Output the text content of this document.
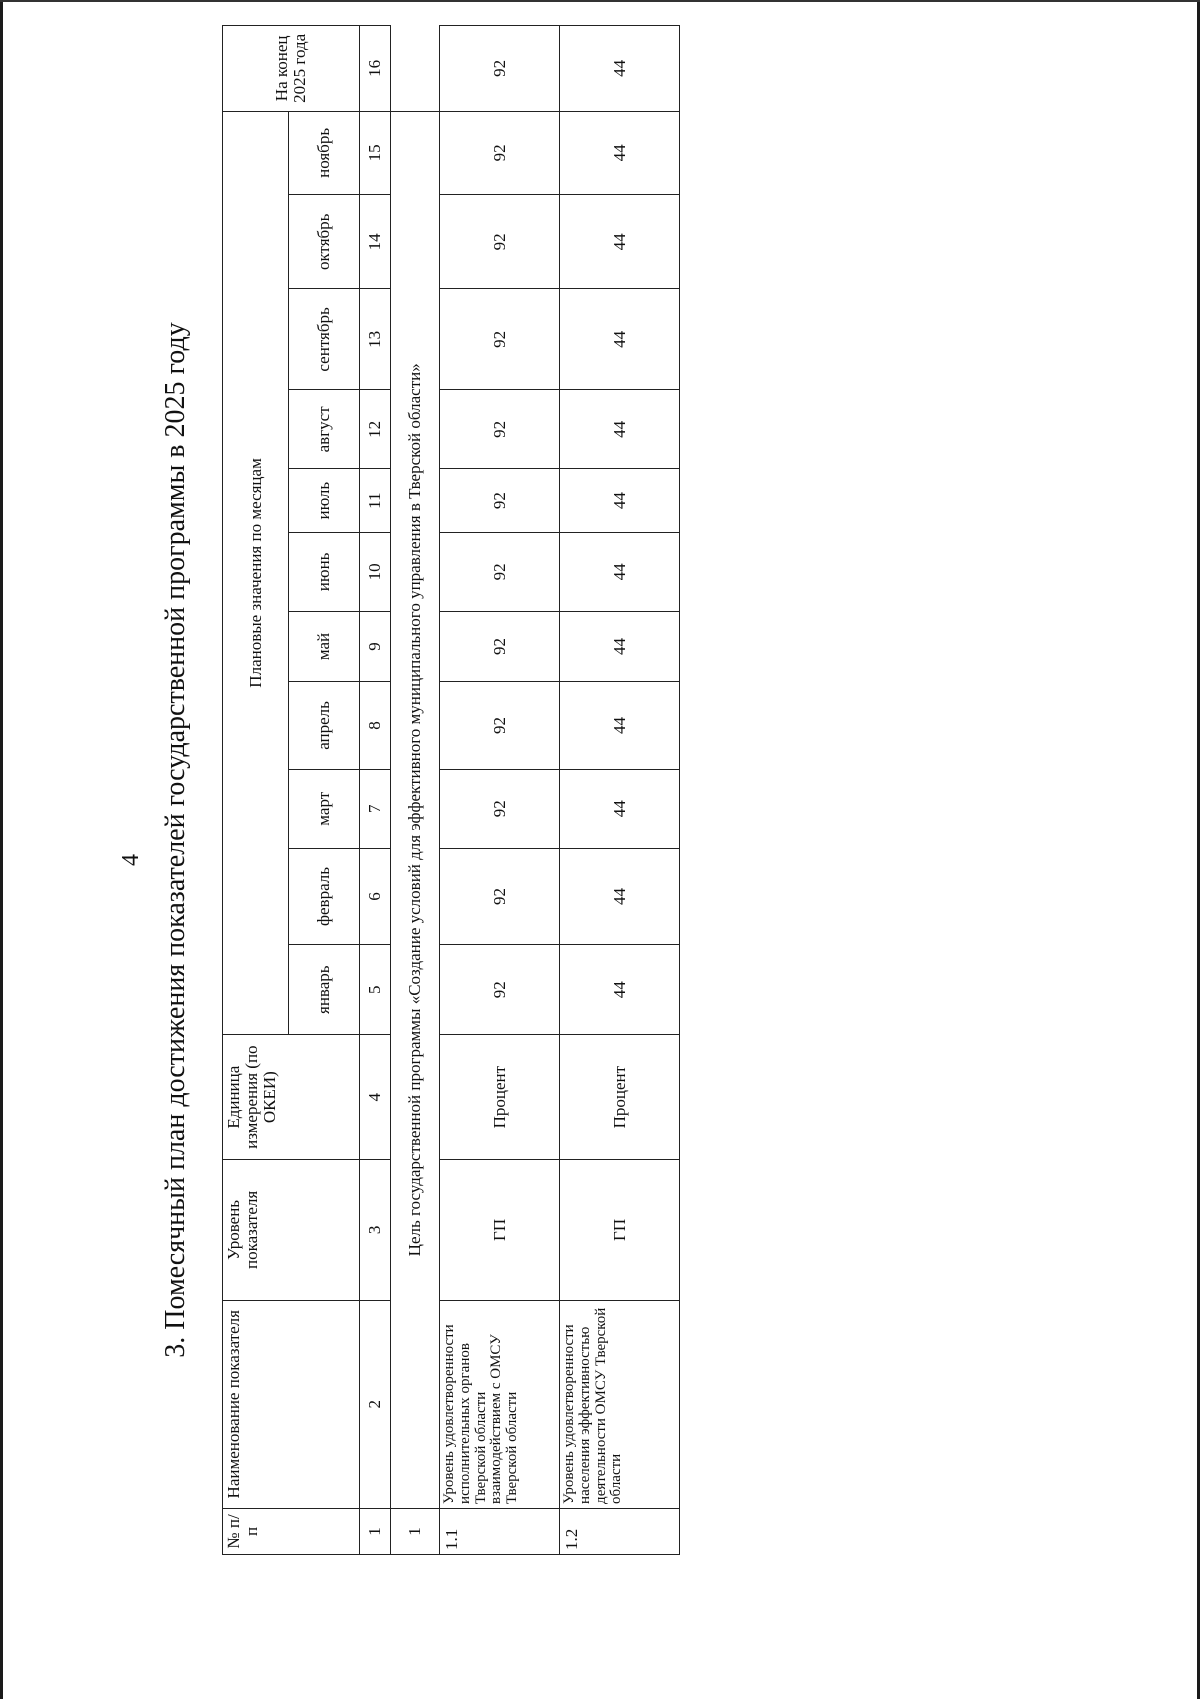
4 3. Помесячный план достижения показателей государственной программы в 2025 году
№ п/п	Наименование показателя	Уровень показателя	Единица измерения (по ОКЕИ)	Плановые значения по месяцам											На конец 2025 года
				январь	февраль	март	апрель	май	июнь	июль	август	сентябрь	октябрь	ноябрь	
1	2	3	4	5	6	7	8	9	10	11	12	13	14	15	16
1	Цель государственной программы «Создание условий для эффективного муниципального управления в Тверской области»														
1.1	Уровень удовлетворенности исполнительных органов Тверской области взаимодействием с ОМСУ Тверской области	ГП	Процент	92	92	92	92	92	92	92	92	92	92	92	92
1.2	Уровень удовлетворенности населения эффективностью деятельности ОМСУ Тверской области	ГП	Процент	44	44	44	44	44	44	44	44	44	44	44	44
